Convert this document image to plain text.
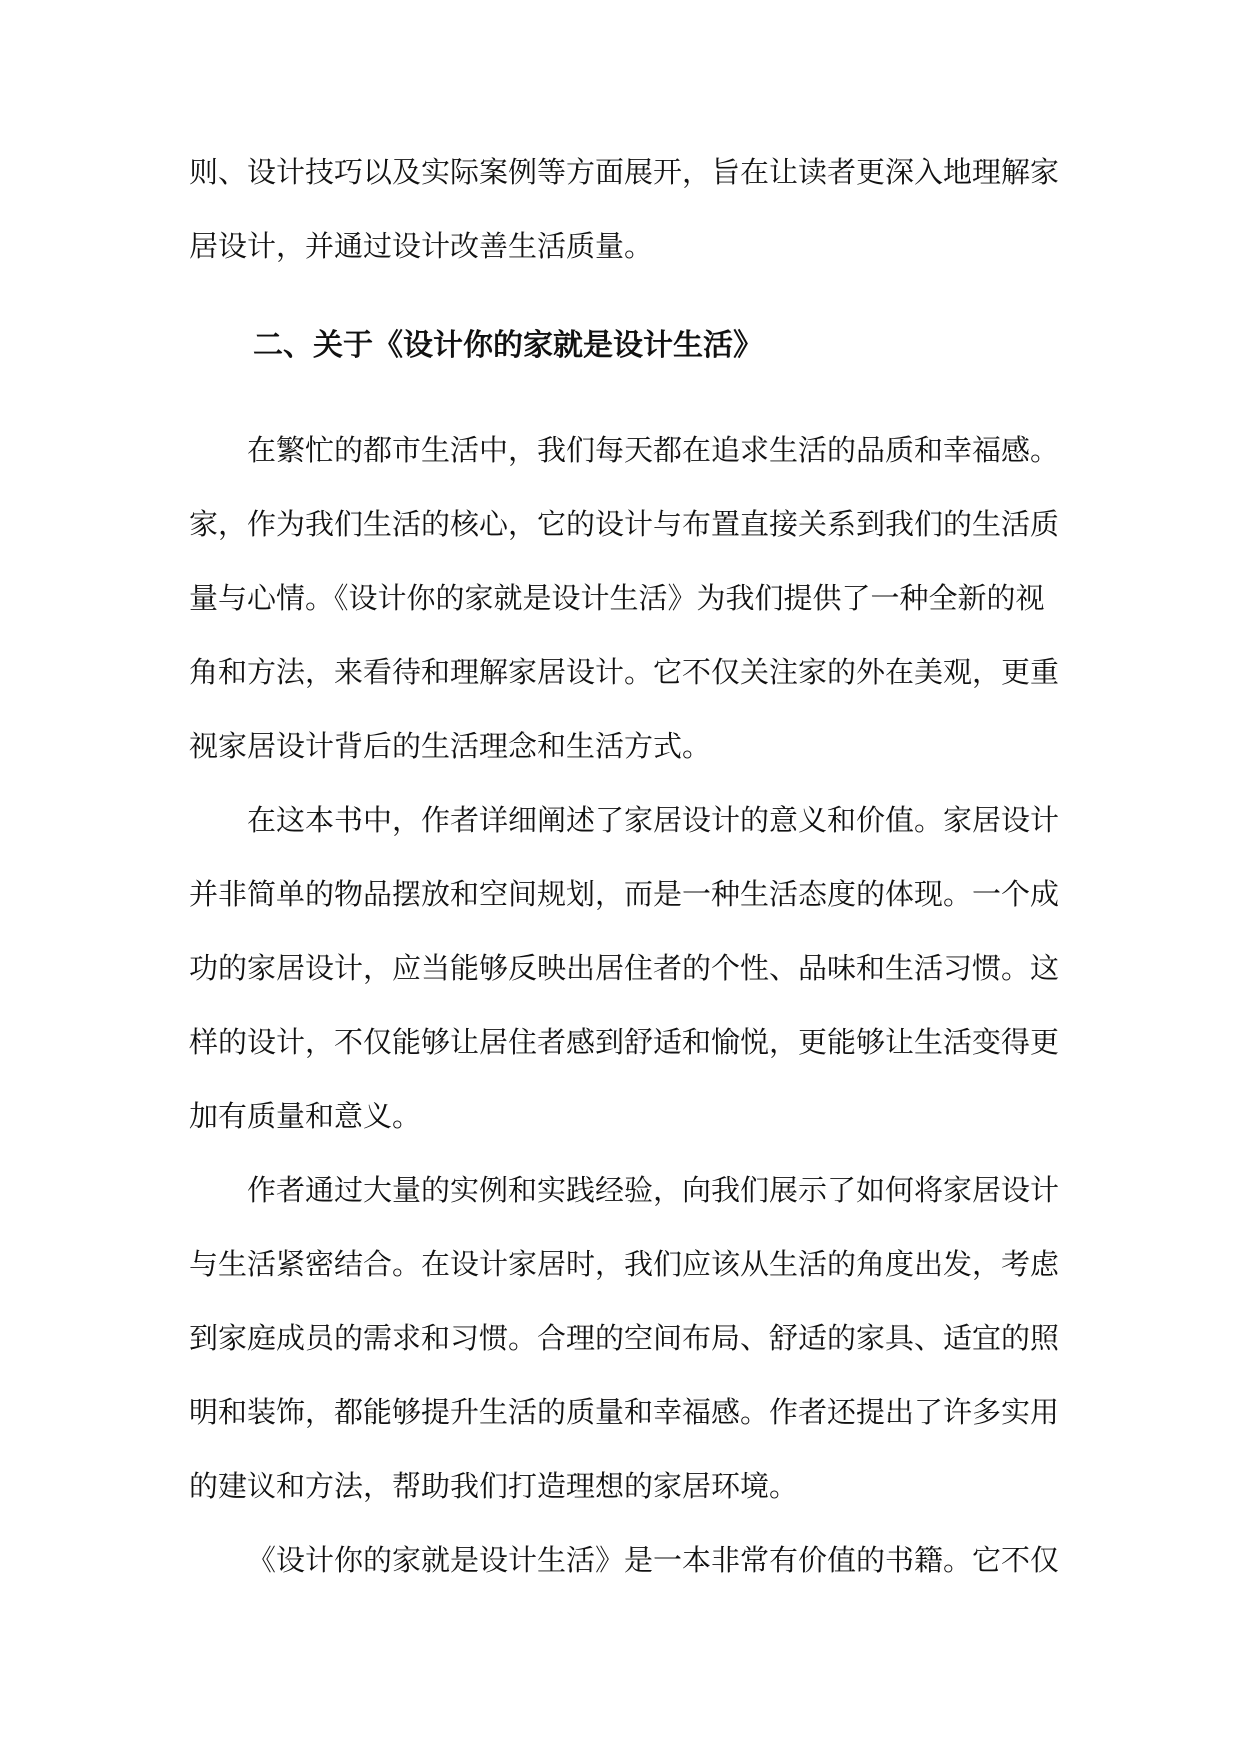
则、设计技巧以及实际案例等方面展开，旨在让读者更深入地理解家
居设计，并通过设计改善生活质量。
二、关于《设计你的家就是设计生活》
在繁忙的都市生活中，我们每天都在追求生活的品质和幸福感。
家，作为我们生活的核心，它的设计与布置直接关系到我们的生活质
量与心情。《设计你的家就是设计生活》为我们提供了一种全新的视
角和方法，来看待和理解家居设计。它不仅关注家的外在美观，更重
视家居设计背后的生活理念和生活方式。
在这本书中，作者详细阐述了家居设计的意义和价值。家居设计
并非简单的物品摆放和空间规划，而是一种生活态度的体现。一个成
功的家居设计，应当能够反映出居住者的个性、品味和生活习惯。这
样的设计，不仅能够让居住者感到舒适和愉悦，更能够让生活变得更
加有质量和意义。
作者通过大量的实例和实践经验，向我们展示了如何将家居设计
与生活紧密结合。在设计家居时，我们应该从生活的角度出发，考虑
到家庭成员的需求和习惯。合理的空间布局、舒适的家具、适宜的照
明和装饰，都能够提升生活的质量和幸福感。作者还提出了许多实用
的建议和方法，帮助我们打造理想的家居环境。
《设计你的家就是设计生活》是一本非常有价值的书籍。它不仅
